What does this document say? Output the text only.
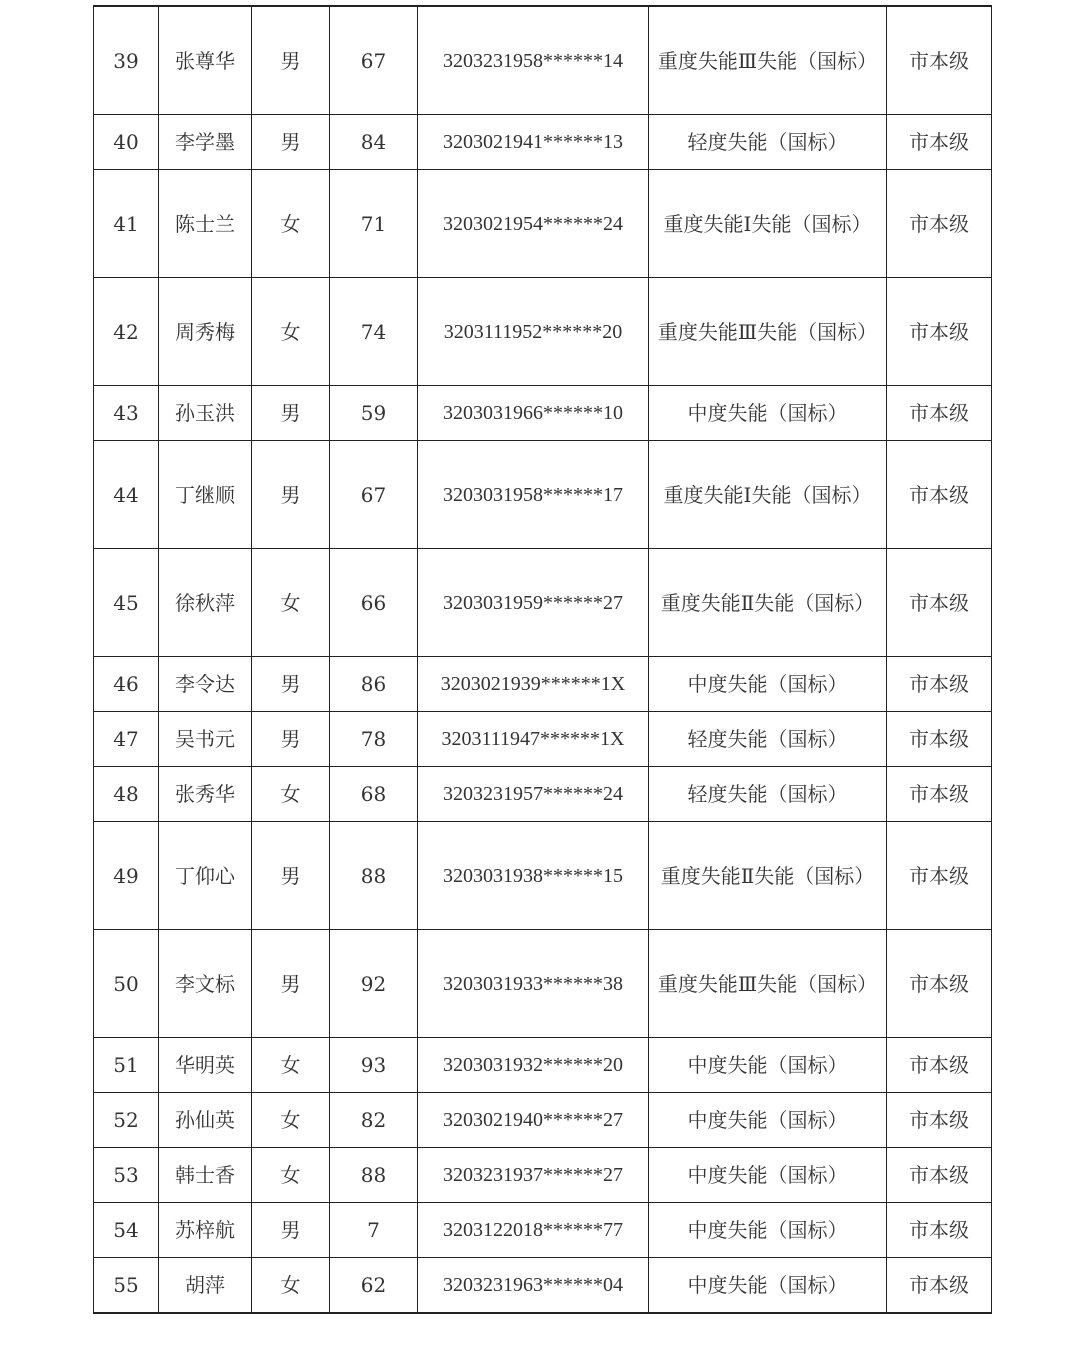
39	张尊华	男	67	3203231958******14	重度失能Ⅲ失能（国标）	市本级
40	李学墨	男	84	3203021941******13	轻度失能（国标）	市本级
41	陈士兰	女	71	3203021954******24	重度失能Ⅰ失能（国标）	市本级
42	周秀梅	女	74	3203111952******20	重度失能Ⅲ失能（国标）	市本级
43	孙玉洪	男	59	3203031966******10	中度失能（国标）	市本级
44	丁继顺	男	67	3203031958******17	重度失能Ⅰ失能（国标）	市本级
45	徐秋萍	女	66	3203031959******27	重度失能Ⅱ失能（国标）	市本级
46	李令达	男	86	3203021939******1X	中度失能（国标）	市本级
47	吴书元	男	78	3203111947******1X	轻度失能（国标）	市本级
48	张秀华	女	68	3203231957******24	轻度失能（国标）	市本级
49	丁仰心	男	88	3203031938******15	重度失能Ⅱ失能（国标）	市本级
50	李文标	男	92	3203031933******38	重度失能Ⅲ失能（国标）	市本级
51	华明英	女	93	3203031932******20	中度失能（国标）	市本级
52	孙仙英	女	82	3203021940******27	中度失能（国标）	市本级
53	韩士香	女	88	3203231937******27	中度失能（国标）	市本级
54	苏梓航	男	7	3203122018******77	中度失能（国标）	市本级
55	胡萍	女	62	3203231963******04	中度失能（国标）	市本级
